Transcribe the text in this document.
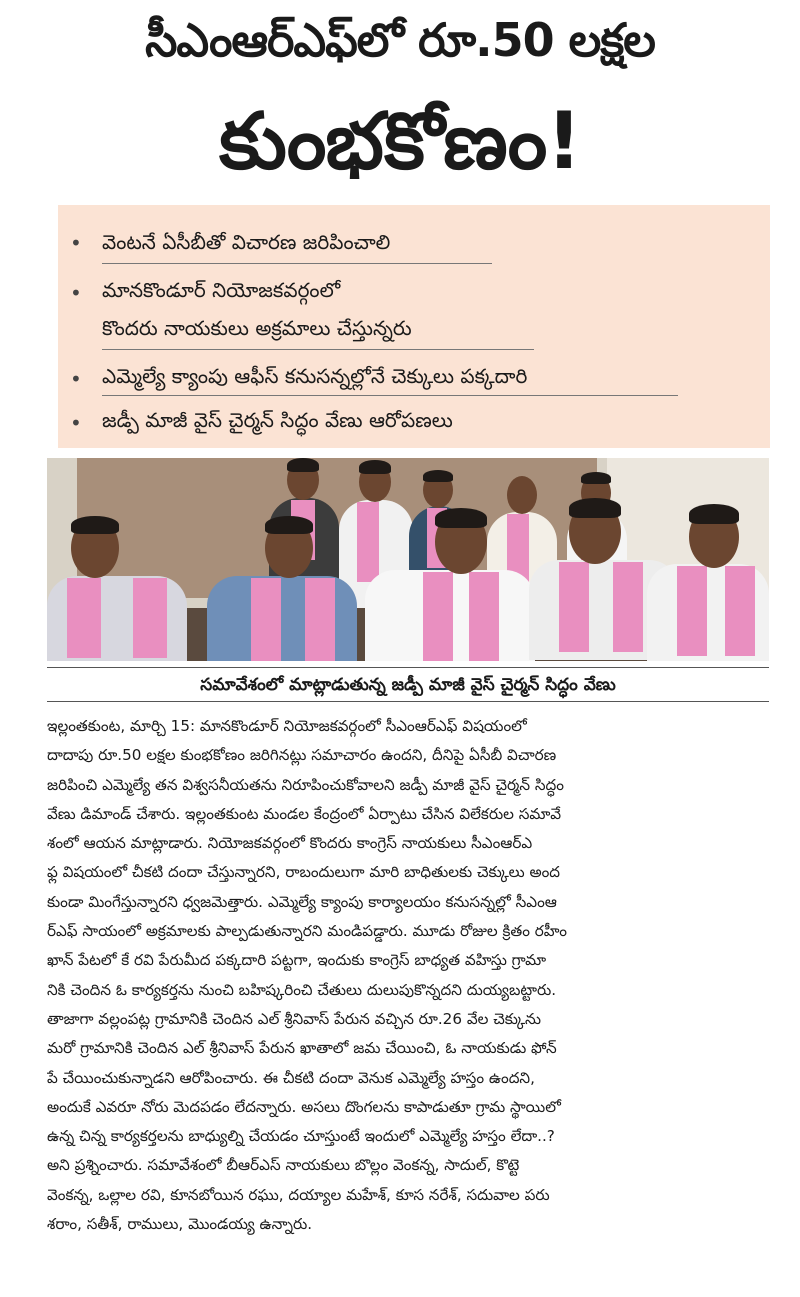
సీఎంఆర్‌ఎఫ్‌లో రూ.50 లక్షల
కుంభకోణం!
• వెంటనే ఏసీబీతో విచారణ జరిపించాలి
• మానకొండూర్ నియోజకవర్గంలో
కొందరు నాయకులు అక్రమాలు చేస్తున్నరు
• ఎమ్మెల్యే క్యాంపు ఆఫీస్ కనుసన్నల్లోనే చెక్కులు పక్కదారి
• జడ్పీ మాజీ వైస్ చైర్మన్ సిద్ధం వేణు ఆరోపణలు
సమావేశంలో మాట్లాడుతున్న జడ్పీ మాజీ వైస్ చైర్మన్ సిద్ధం వేణు
ఇల్లంతకుంట, మార్చి 15: మానకొండూర్ నియోజకవర్గంలో సీఎంఆర్‌ఎఫ్ విషయంలో
దాదాపు రూ.50 లక్షల కుంభకోణం జరిగినట్లు సమాచారం ఉందని, దీనిపై ఏసీబీ విచారణ
జరిపించి ఎమ్మెల్యే తన విశ్వసనీయతను నిరూపించుకోవాలని జడ్పీ మాజీ వైస్ చైర్మన్ సిద్ధం
వేణు డిమాండ్ చేశారు. ఇల్లంతకుంట మండల కేంద్రంలో ఏర్పాటు చేసిన విలేకరుల సమావే
శంలో ఆయన మాట్లాడారు. నియోజకవర్గంలో కొందరు కాంగ్రెస్ నాయకులు సీఎంఆర్ఎ
ఫ్ల విషయంలో చీకటి దందా చేస్తున్నారని, రాబందులుగా మారి బాధితులకు చెక్కులు అంద
కుండా మింగేస్తున్నారని ధ్వజమెత్తారు. ఎమ్మెల్యే క్యాంపు కార్యాలయం కనుసన్నల్లో సీఎంఆ
ర్ఎఫ్ సాయంలో అక్రమాలకు పాల్పడుతున్నారని మండిపడ్డారు. మూడు రోజుల క్రితం రహీం
ఖాన్ పేటలో కే రవి పేరుమీద పక్కదారి పట్టగా, ఇందుకు కాంగ్రెస్ బాధ్యత వహిస్తు గ్రామా
నికి చెందిన ఓ కార్యకర్తను నుంచి బహిష్కరించి చేతులు దులుపుకొన్నదని దుయ్యబట్టారు.
తాజాగా వల్లంపట్ల గ్రామానికి చెందిన ఎల్ శ్రీనివాస్ పేరున వచ్చిన రూ.26 వేల చెక్కును
మరో గ్రామానికి చెందిన ఎల్ శ్రీనివాస్ పేరున ఖాతాలో జమ చేయించి, ఓ నాయకుడు ఫోన్
పే చేయించుకున్నాడని ఆరోపించారు. ఈ చీకటి దందా వెనుక ఎమ్మెల్యే హస్తం ఉందని,
అందుకే ఎవరూ నోరు మెదపడం లేదన్నారు. అసలు దొంగలను కాపాడుతూ గ్రామ స్థాయిలో
ఉన్న చిన్న కార్యకర్తలను బాధ్యుల్ని చేయడం చూస్తుంటే ఇందులో ఎమ్మెల్యే హస్తం లేదా..?
అని ప్రశ్నించారు. సమావేశంలో బీఆర్ఎస్ నాయకులు బొల్లం వెంకన్న, సాదుల్, కొట్టె
వెంకన్న, ఒల్లాల రవి, కూనబోయిన రఘు, దయ్యాల మహేశ్, కూస నరేశ్, సదువాల పరు
శరాం, సతీశ్, రాములు, మొండయ్య ఉన్నారు.
